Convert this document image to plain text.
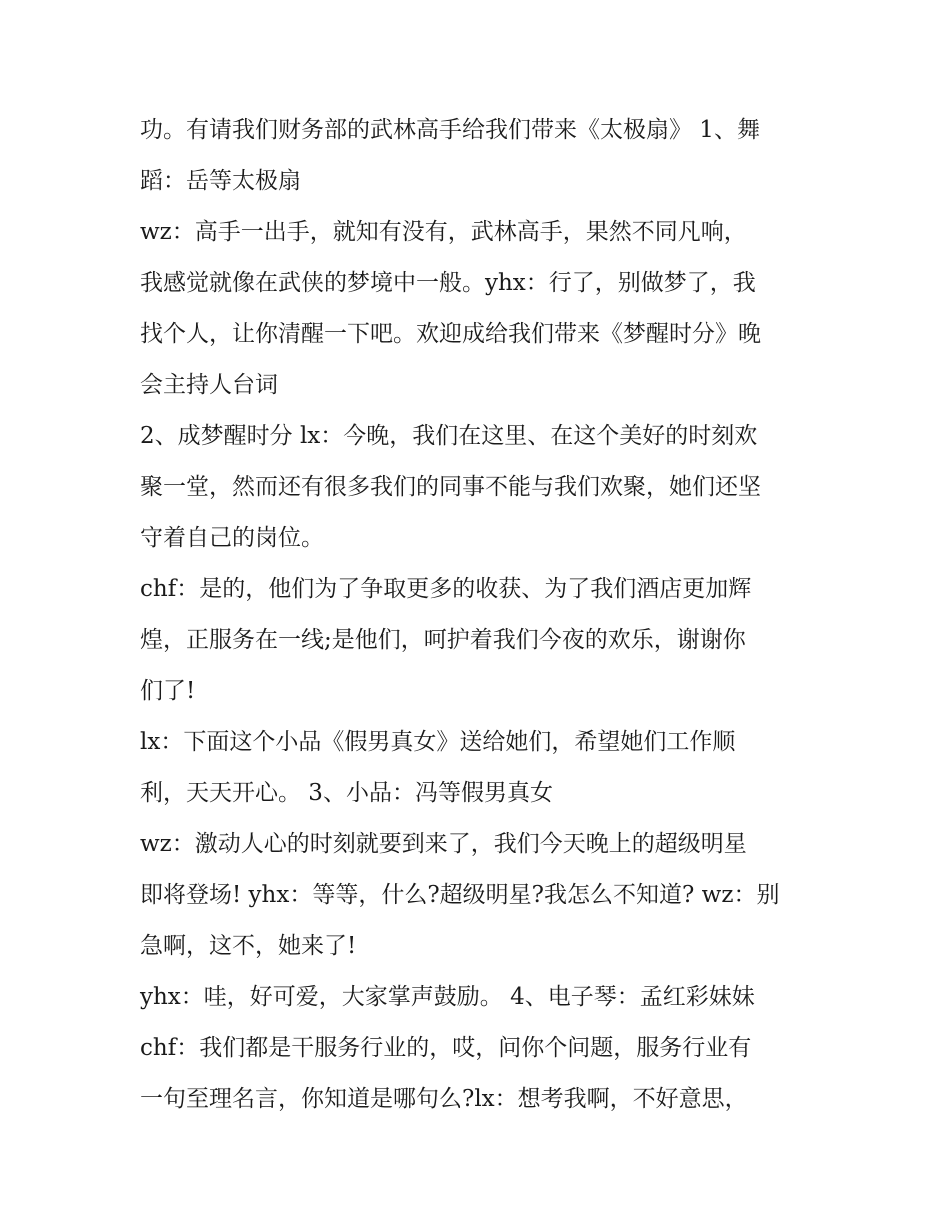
功。有请我们财务部的武林高手给我们带来《太极扇》 1、舞
蹈：岳等太极扇
wz：高手一出手，就知有没有，武林高手，果然不同凡响，
我感觉就像在武侠的梦境中一般。yhx：行了，别做梦了，我
找个人，让你清醒一下吧。欢迎成给我们带来《梦醒时分》晚
会主持人台词
2、成梦醒时分 lx：今晚，我们在这里、在这个美好的时刻欢
聚一堂，然而还有很多我们的同事不能与我们欢聚，她们还坚
守着自己的岗位。
chf：是的，他们为了争取更多的收获、为了我们酒店更加辉
煌，正服务在一线;是他们，呵护着我们今夜的欢乐，谢谢你
们了!
lx：下面这个小品《假男真女》送给她们，希望她们工作顺
利，天天开心。 3、小品：冯等假男真女
wz：激动人心的时刻就要到来了，我们今天晚上的超级明星
即将登场! yhx：等等，什么?超级明星?我怎么不知道? wz：别
急啊，这不，她来了!
yhx：哇，好可爱，大家掌声鼓励。 4、电子琴：孟红彩妹妹
chf：我们都是干服务行业的，哎，问你个问题，服务行业有
一句至理名言，你知道是哪句么?lx：想考我啊，不好意思，
